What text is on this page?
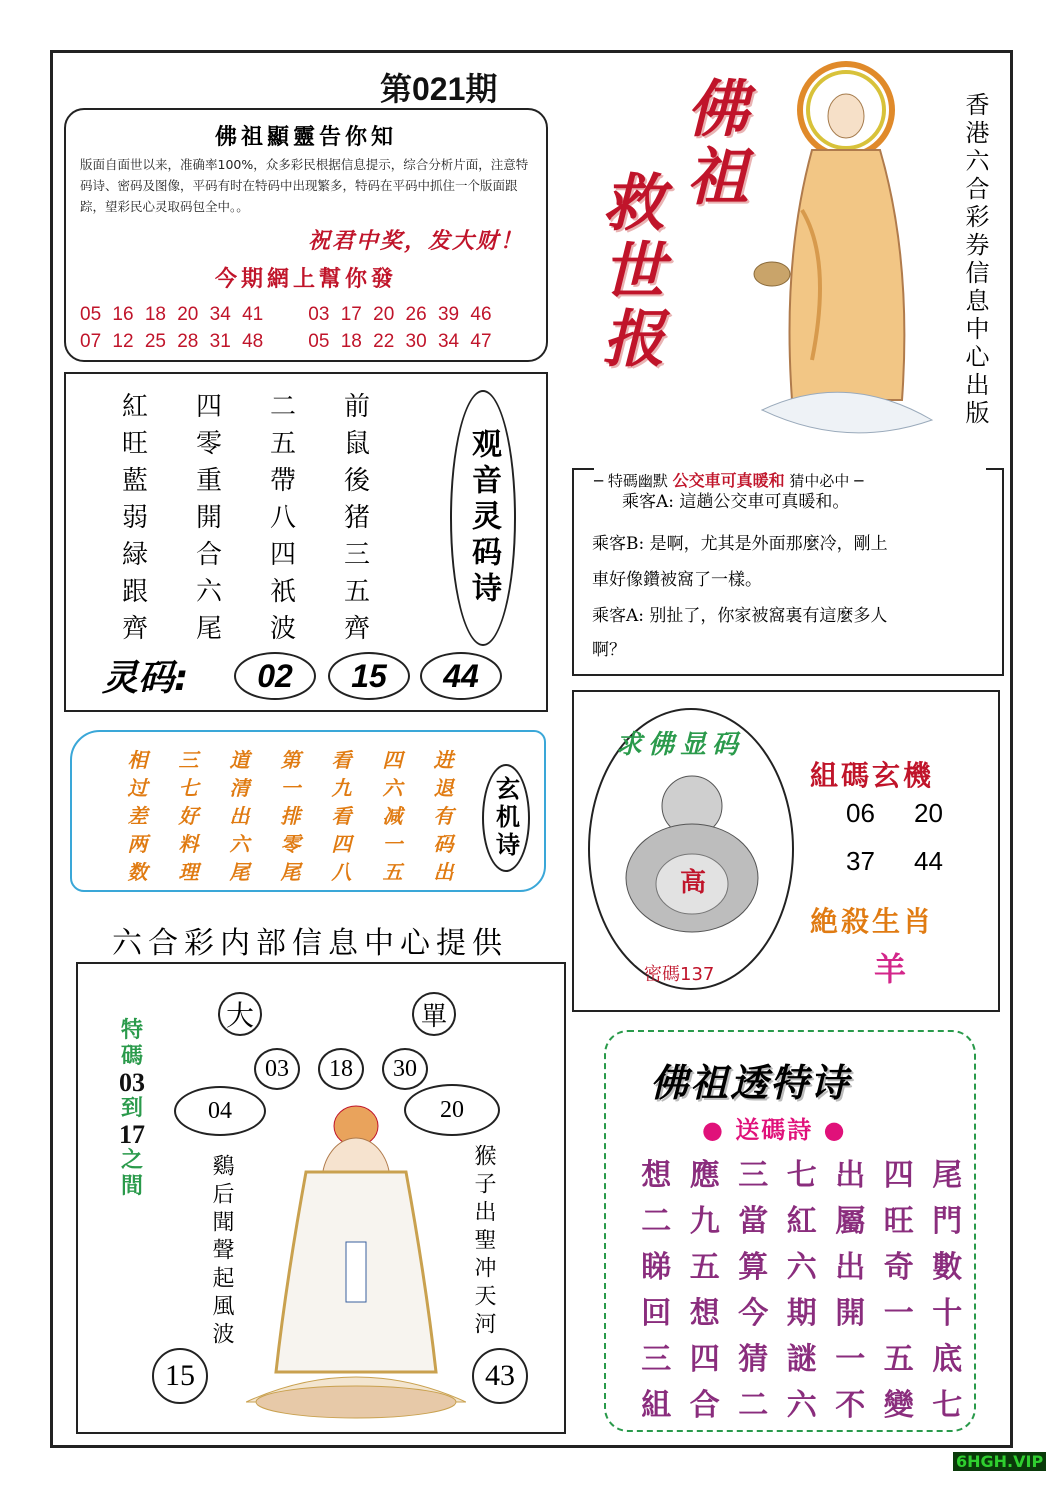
第021期
佛祖顯靈告你知
版面自面世以来，准确率100%，众多彩民根据信息提示，综合分析片面，注意特码诗、密码及图像，平码有时在特码中出现繁多，特码在平码中抓住一个版面跟踪，望彩民心灵取码包全中。。
祝君中奖，发大财！
今期網上幫你發
05 16 18 20 34 41    03 17 20 26 39 46
07 12 25 28 31 48    05 18 22 30 34 47
紅	四	二	前
旺	零	五	鼠
藍	重	帶	後
弱	開	八	猪
緑	合	四	三
跟	六	祇	五
齊	尾	波	齊
观音灵码诗
灵码:	02	15	44
相	三	道	第	看	四	进
过	七	清	一	九	六	退
差	好	出	排	看	减	有
两	料	六	零	四	一	码
数	理	尾	尾	八	五	出
玄机诗
六合彩内部信息中心提供
大	單
03	18	30
04	20
特
碼
03
到
17
之
間	鷄后聞聲起風波	猴子出聖冲天河
15	43
佛祖
救世报	香港六合彩券信息中心出版
─ 特碼幽默 公交車可真暖和 猜中必中 ─
乘客A: 這趟公交車可真暖和。
乘客B: 是啊，尤其是外面那麼冷，剛上
車好像鑽被窩了一樣。
乘客A: 别扯了，你家被窩裏有這麼多人
啊？
求佛显码
高
密碼137
組碼玄機
06 20
37 44
絶殺生肖
羊
佛祖透特诗
● 送碼詩 ●
想 應 三 七 出 四 尾
二 九 當 紅 屬 旺 門
睇 五 算 六 出 奇 數
回 想 今 期 開 一 十
三 四 猜 謎 一 五 底
組 合 二 六 不 變 七
6HGH.VIP
